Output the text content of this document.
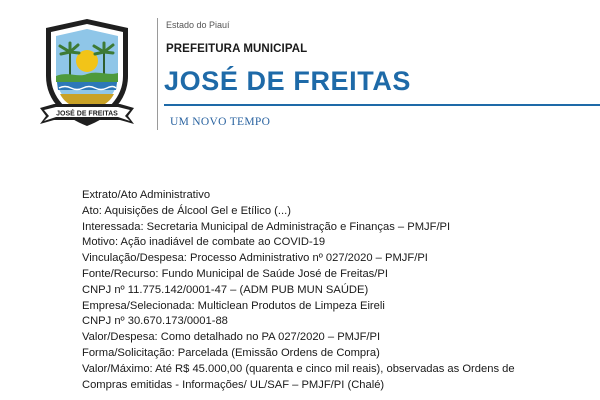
JOSÉ DE FREITAS
Estado do Piauí
PREFEITURA MUNICIPAL
JOSÉ DE FREITAS
UM NOVO TEMPO
Extrato/Ato Administrativo
Ato: Aquisições de Álcool Gel e Etílico (...)
Interessada: Secretaria Municipal de Administração e Finanças – PMJF/PI
Motivo: Ação inadiável de combate ao COVID-19
Vinculação/Despesa: Processo Administrativo nº 027/2020 – PMJF/PI
Fonte/Recurso: Fundo Municipal de Saúde José de Freitas/PI
CNPJ nº 11.775.142/0001-47 – (ADM PUB MUN SAÚDE)
Empresa/Selecionada: Multiclean Produtos de Limpeza Eireli
CNPJ nº 30.670.173/0001-88
Valor/Despesa: Como detalhado no PA 027/2020 – PMJF/PI
Forma/Solicitação: Parcelada (Emissão Ordens de Compra)
Valor/Máximo: Até R$ 45.000,00 (quarenta e cinco mil reais), observadas as Ordens de
Compras emitidas - Informações/ UL/SAF – PMJF/PI (Chalé)
